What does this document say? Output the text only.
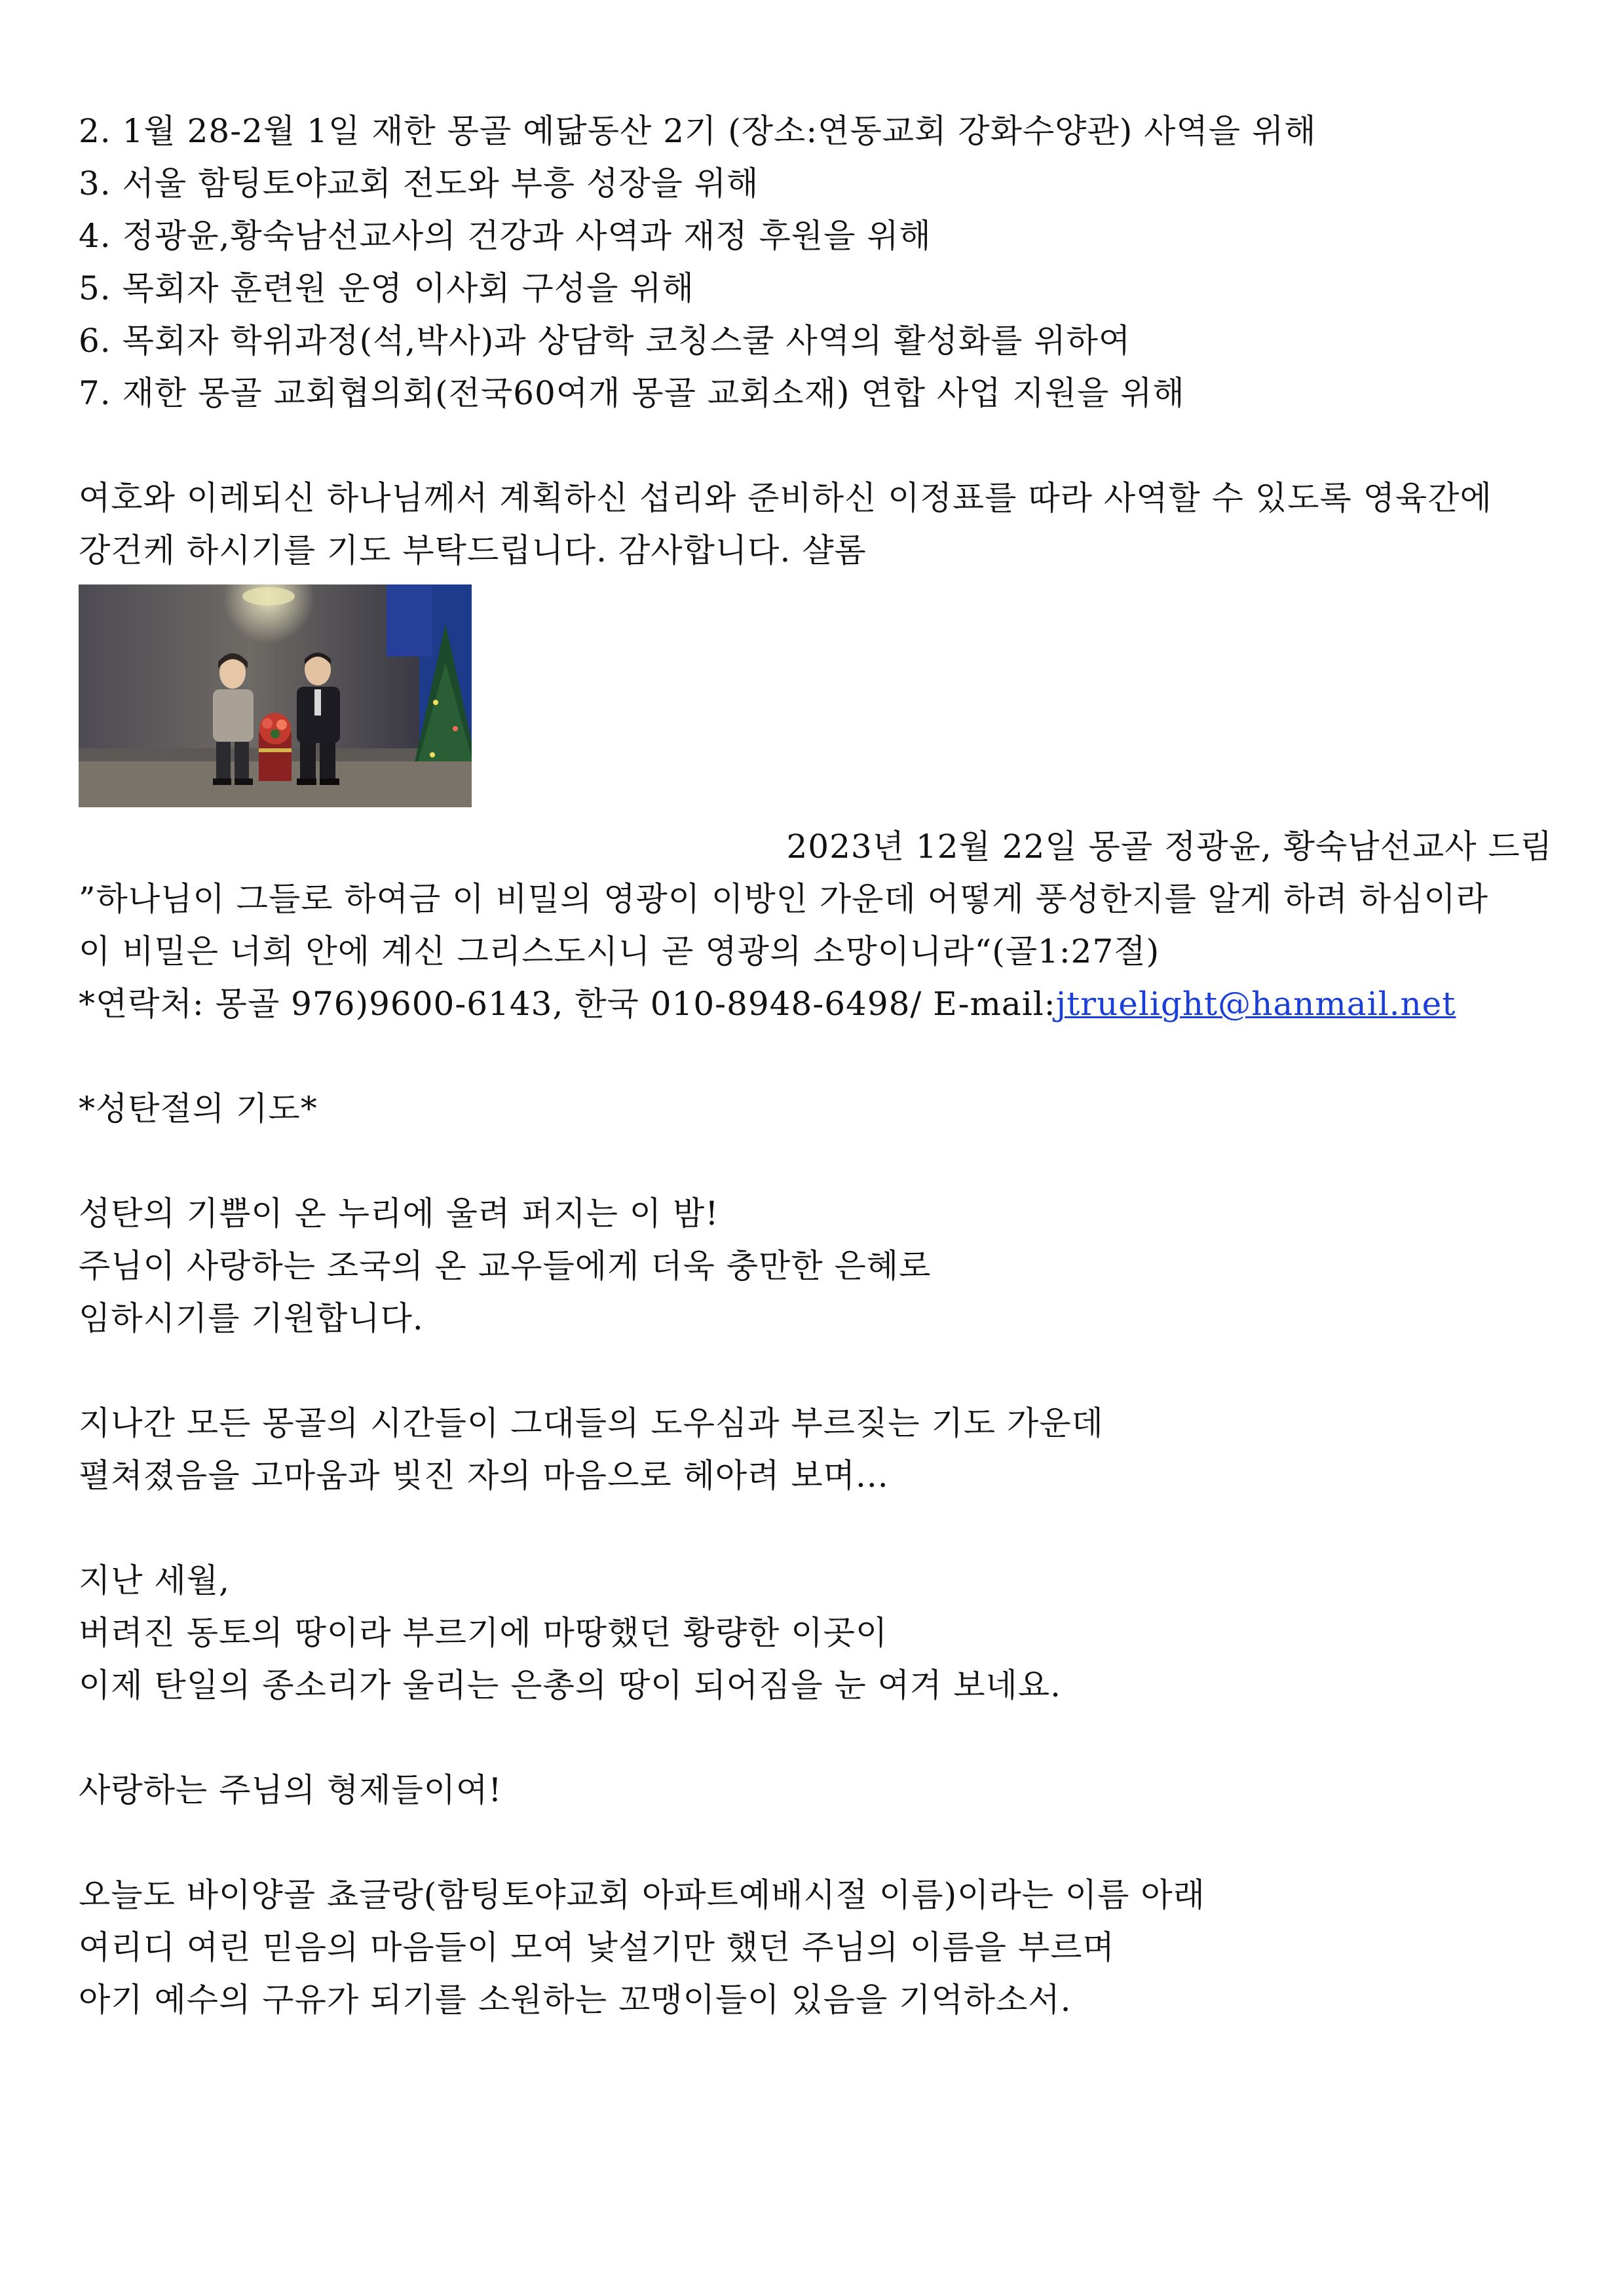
2. 1월 28-2월 1일 재한 몽골 예닮동산 2기 (장소:연동교회 강화수양관) 사역을 위해
3. 서울 함팅토야교회 전도와 부흥 성장을 위해
4. 정광윤,황숙남선교사의 건강과 사역과 재정 후원을 위해
5. 목회자 훈련원 운영 이사회 구성을 위해
6. 목회자 학위과정(석,박사)과 상담학 코칭스쿨 사역의 활성화를 위하여
7. 재한 몽골 교회협의회(전국60여개 몽골 교회소재) 연합 사업 지원을 위해
여호와 이레되신 하나님께서 계획하신 섭리와 준비하신 이정표를 따라 사역할 수 있도록 영육간에
강건케 하시기를 기도 부탁드립니다. 감사합니다. 샬롬
2023년 12월 22일 몽골 정광윤, 황숙남선교사 드림
”하나님이 그들로 하여금 이 비밀의 영광이 이방인 가운데 어떻게 풍성한지를 알게 하려 하심이라
이 비밀은 너희 안에 계신 그리스도시니 곧 영광의 소망이니라“(골1:27절)
*연락처: 몽골 976)9600-6143, 한국 010-8948-6498/ E-mail:jtruelight@hanmail.net
*성탄절의 기도*
성탄의 기쁨이 온 누리에 울려 퍼지는 이 밤!
주님이 사랑하는 조국의 온 교우들에게 더욱 충만한 은혜로
임하시기를 기원합니다.
지나간 모든 몽골의 시간들이 그대들의 도우심과 부르짖는 기도 가운데
펼쳐졌음을 고마움과 빚진 자의 마음으로 헤아려 보며...
지난 세월,
버려진 동토의 땅이라 부르기에 마땅했던 황량한 이곳이
이제 탄일의 종소리가 울리는 은총의 땅이 되어짐을 눈 여겨 보네요.
사랑하는 주님의 형제들이여!
오늘도 바이양골 쵸글랑(함팅토야교회 아파트예배시절 이름)이라는 이름 아래
여리디 여린 믿음의 마음들이 모여 낯설기만 했던 주님의 이름을 부르며
아기 예수의 구유가 되기를 소원하는 꼬맹이들이 있음을 기억하소서.
